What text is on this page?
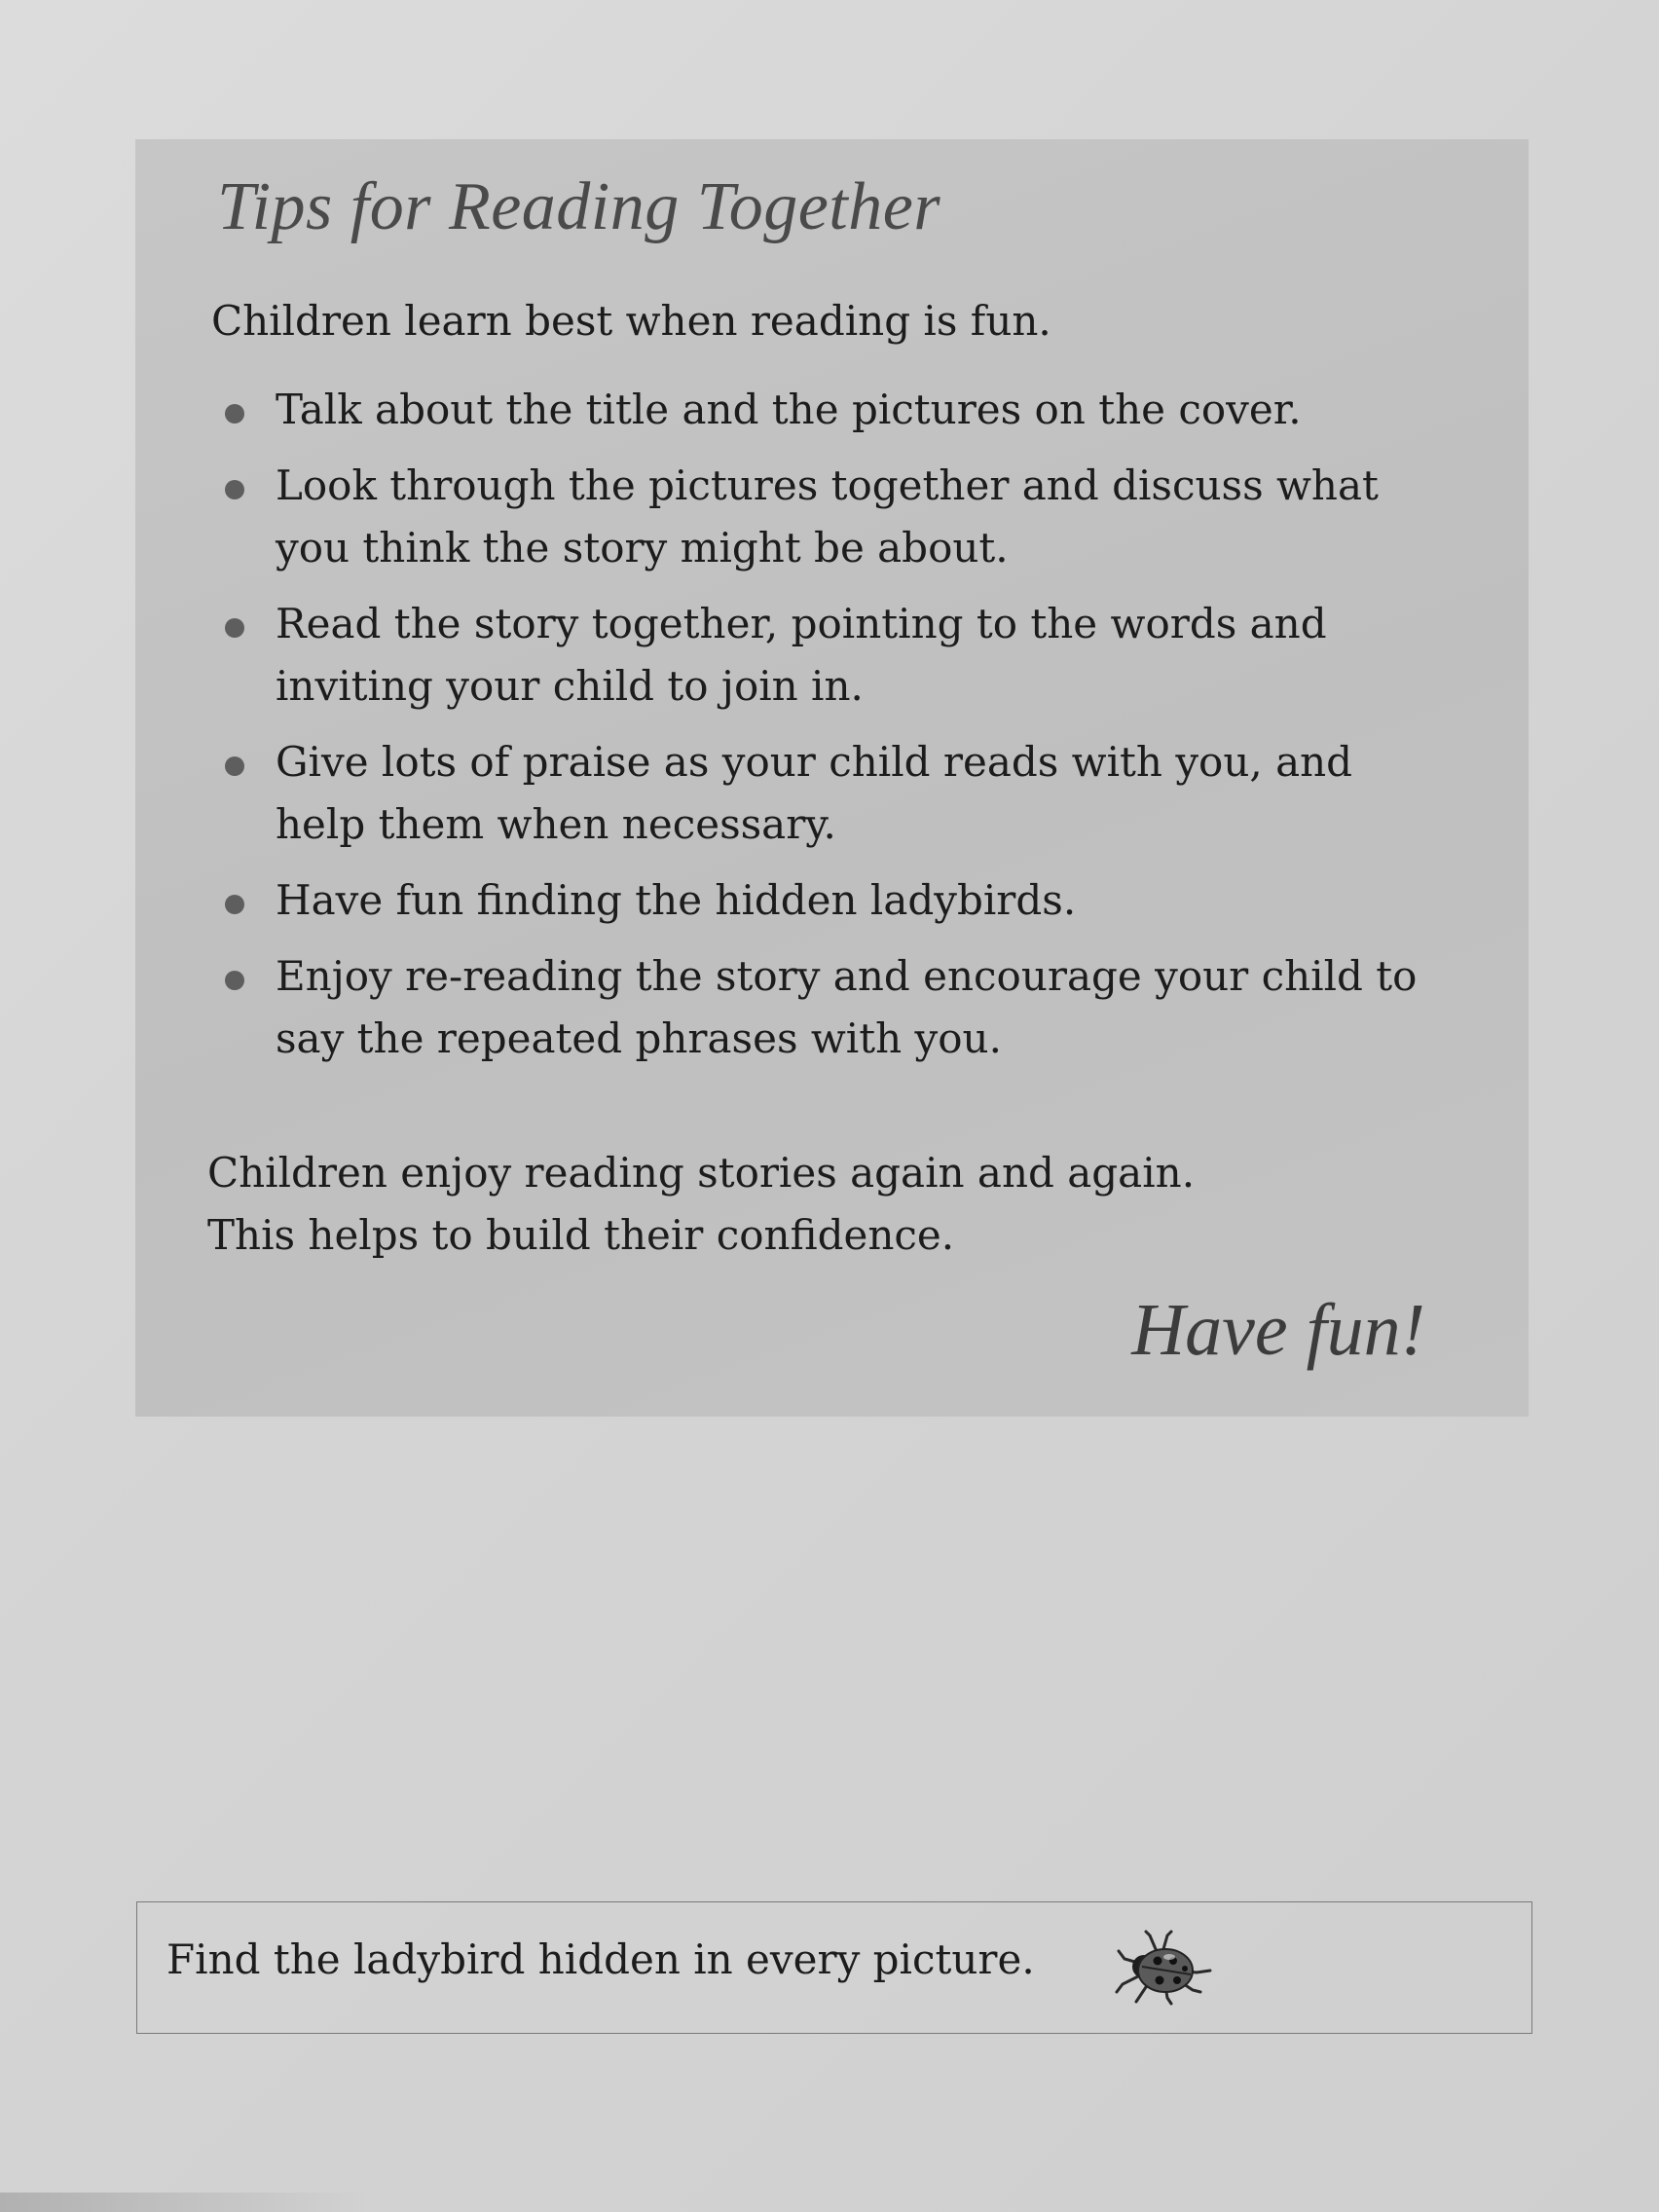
Tips for Reading Together

Children learn best when reading is fun.

Talk about the title and the pictures on the cover.
Look through the pictures together and discuss what you think the story might be about.
Read the story together, pointing to the words and inviting your child to join in.
Give lots of praise as your child reads with you, and help them when necessary.
Have fun finding the hidden ladybirds.
Enjoy re-reading the story and encourage your child to say the repeated phrases with you.

Children enjoy reading stories again and again.
This helps to build their confidence.

Have fun!

Find the ladybird hidden in every picture.
